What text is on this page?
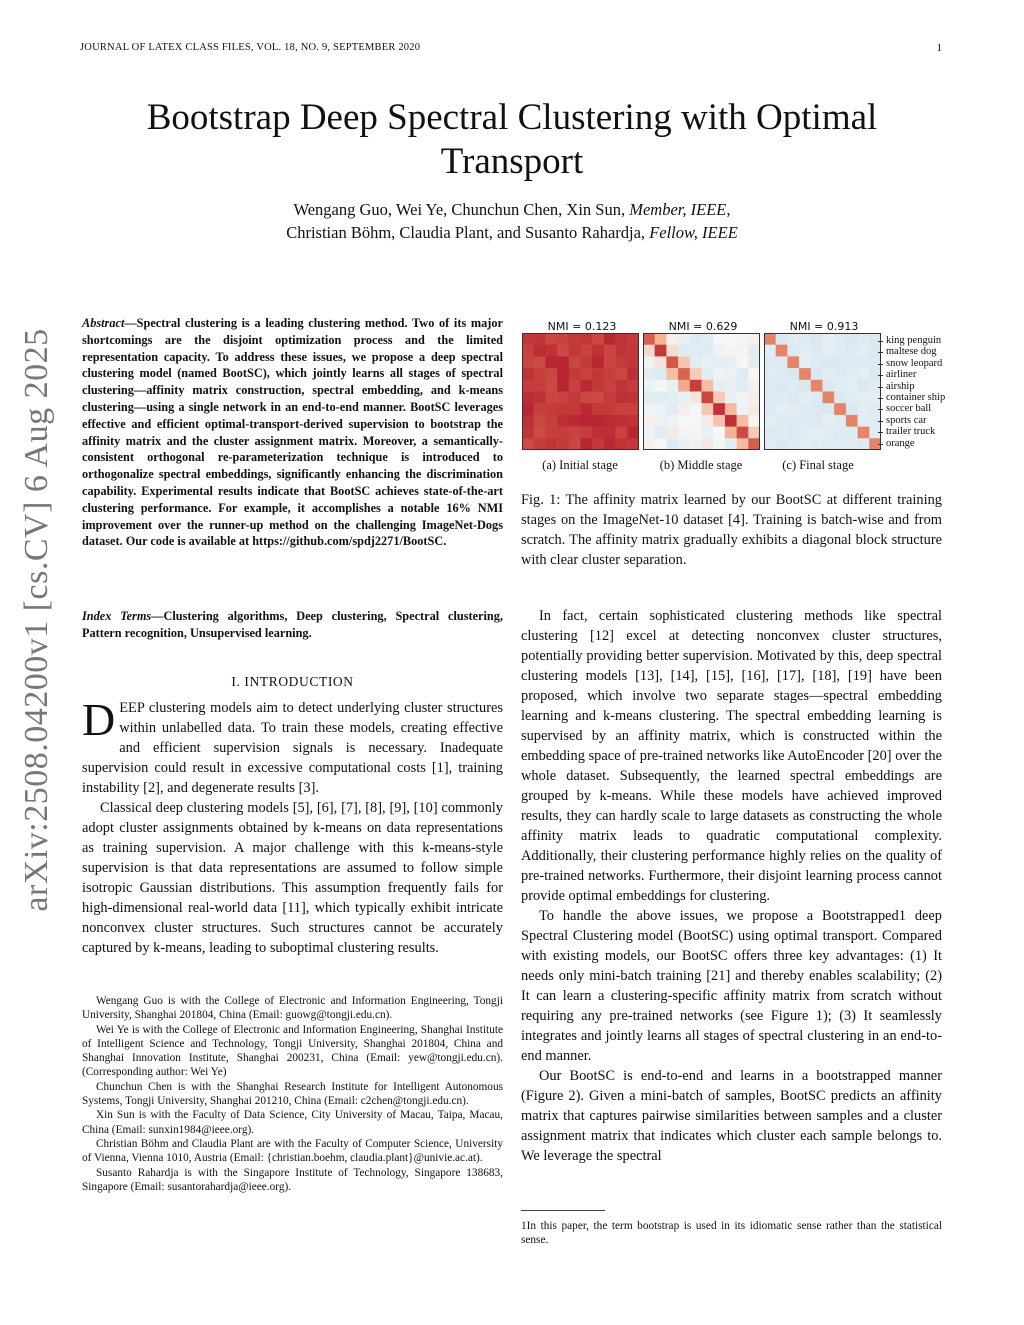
JOURNAL OF LATEX CLASS FILES, VOL. 18, NO. 9, SEPTEMBER 2020	1
arXiv:2508.04200v1 [cs.CV] 6 Aug 2025
Bootstrap Deep Spectral Clustering with Optimal Transport
Wengang Guo, Wei Ye, Chunchun Chen, Xin Sun, Member, IEEE,
Christian Böhm, Claudia Plant, and Susanto Rahardja, Fellow, IEEE
Abstract—Spectral clustering is a leading clustering method. Two of its major shortcomings are the disjoint optimization process and the limited representation capacity. To address these issues, we propose a deep spectral clustering model (named BootSC), which jointly learns all stages of spectral clustering—affinity matrix construction, spectral embedding, and k-means clustering—using a single network in an end-to-end manner. BootSC leverages effective and efficient optimal-transport-derived supervision to bootstrap the affinity matrix and the cluster assignment matrix. Moreover, a semantically-consistent orthogonal re-parameterization technique is introduced to orthogonalize spectral embeddings, significantly enhancing the discrimination capability. Experimental results indicate that BootSC achieves state-of-the-art clustering performance. For example, it accomplishes a notable 16% NMI improvement over the runner-up method on the challenging ImageNet-Dogs dataset. Our code is available at https://github.com/spdj2271/BootSC.
Index Terms—Clustering algorithms, Deep clustering, Spectral clustering, Pattern recognition, Unsupervised learning.
I. INTRODUCTION
DEEP clustering models aim to detect underlying cluster structures within unlabelled data. To train these models, creating effective and efficient supervision signals is necessary. Inadequate supervision could result in excessive computational costs [1], training instability [2], and degenerate results [3].
Classical deep clustering models [5], [6], [7], [8], [9], [10] commonly adopt cluster assignments obtained by k-means on data representations as training supervision. A major challenge with this k-means-style supervision is that data representations are assumed to follow simple isotropic Gaussian distributions. This assumption frequently fails for high-dimensional real-world data [11], which typically exhibit intricate nonconvex cluster structures. Such structures cannot be accurately captured by k-means, leading to suboptimal clustering results.

Wengang Guo is with the College of Electronic and Information Engineering, Tongji University, Shanghai 201804, China (Email: guowg@tongji.edu.cn).

Wei Ye is with the College of Electronic and Information Engineering, Shanghai Institute of Intelligent Science and Technology, Tongji University, Shanghai 201804, China and Shanghai Innovation Institute, Shanghai 200231, China (Email: yew@tongji.edu.cn). (Corresponding author: Wei Ye)

Chunchun Chen is with the Shanghai Research Institute for Intelligent Autonomous Systems, Tongji University, Shanghai 201210, China (Email: c2chen@tongji.edu.cn).

Xin Sun is with the Faculty of Data Science, City University of Macau, Taipa, Macau, China (Email: sunxin1984@ieee.org).

Christian Böhm and Claudia Plant are with the Faculty of Computer Science, University of Vienna, Vienna 1010, Austria (Email: {christian.boehm, claudia.plant}@univie.ac.at).

Susanto Rahardja is with the Singapore Institute of Technology, Singapore 138683, Singapore (Email: susantorahardja@ieee.org).

NMI = 0.123	NMI = 0.629	NMI = 0.913
king penguin
maltese dog
snow leopard
airliner
airship
container ship
soccer ball
sports car
trailer truck
orange
(a) Initial stage	(b) Middle stage	(c) Final stage
Fig. 1: The affinity matrix learned by our BootSC at different training stages on the ImageNet-10 dataset [4]. Training is batch-wise and from scratch. The affinity matrix gradually exhibits a diagonal block structure with clear cluster separation.

In fact, certain sophisticated clustering methods like spectral clustering [12] excel at detecting nonconvex cluster structures, potentially providing better supervision. Motivated by this, deep spectral clustering models [13], [14], [15], [16], [17], [18], [19] have been proposed, which involve two separate stages—spectral embedding learning and k-means clustering. The spectral embedding learning is supervised by an affinity matrix, which is constructed within the embedding space of pre-trained networks like AutoEncoder [20] over the whole dataset. Subsequently, the learned spectral embeddings are grouped by k-means. While these models have achieved improved results, they can hardly scale to large datasets as constructing the whole affinity matrix leads to quadratic computational complexity. Additionally, their clustering performance highly relies on the quality of pre-trained networks. Furthermore, their disjoint learning process cannot provide optimal embeddings for clustering.

To handle the above issues, we propose a Bootstrapped1 deep Spectral Clustering model (BootSC) using optimal transport. Compared with existing models, our BootSC offers three key advantages: (1) It needs only mini-batch training [21] and thereby enables scalability; (2) It can learn a clustering-specific affinity matrix from scratch without requiring any pre-trained networks (see Figure 1); (3) It seamlessly integrates and jointly learns all stages of spectral clustering in an end-to-end manner.

Our BootSC is end-to-end and learns in a bootstrapped manner (Figure 2). Given a mini-batch of samples, BootSC predicts an affinity matrix that captures pairwise similarities between samples and a cluster assignment matrix that indicates which cluster each sample belongs to. We leverage the spectral

1In this paper, the term bootstrap is used in its idiomatic sense rather than the statistical sense.
